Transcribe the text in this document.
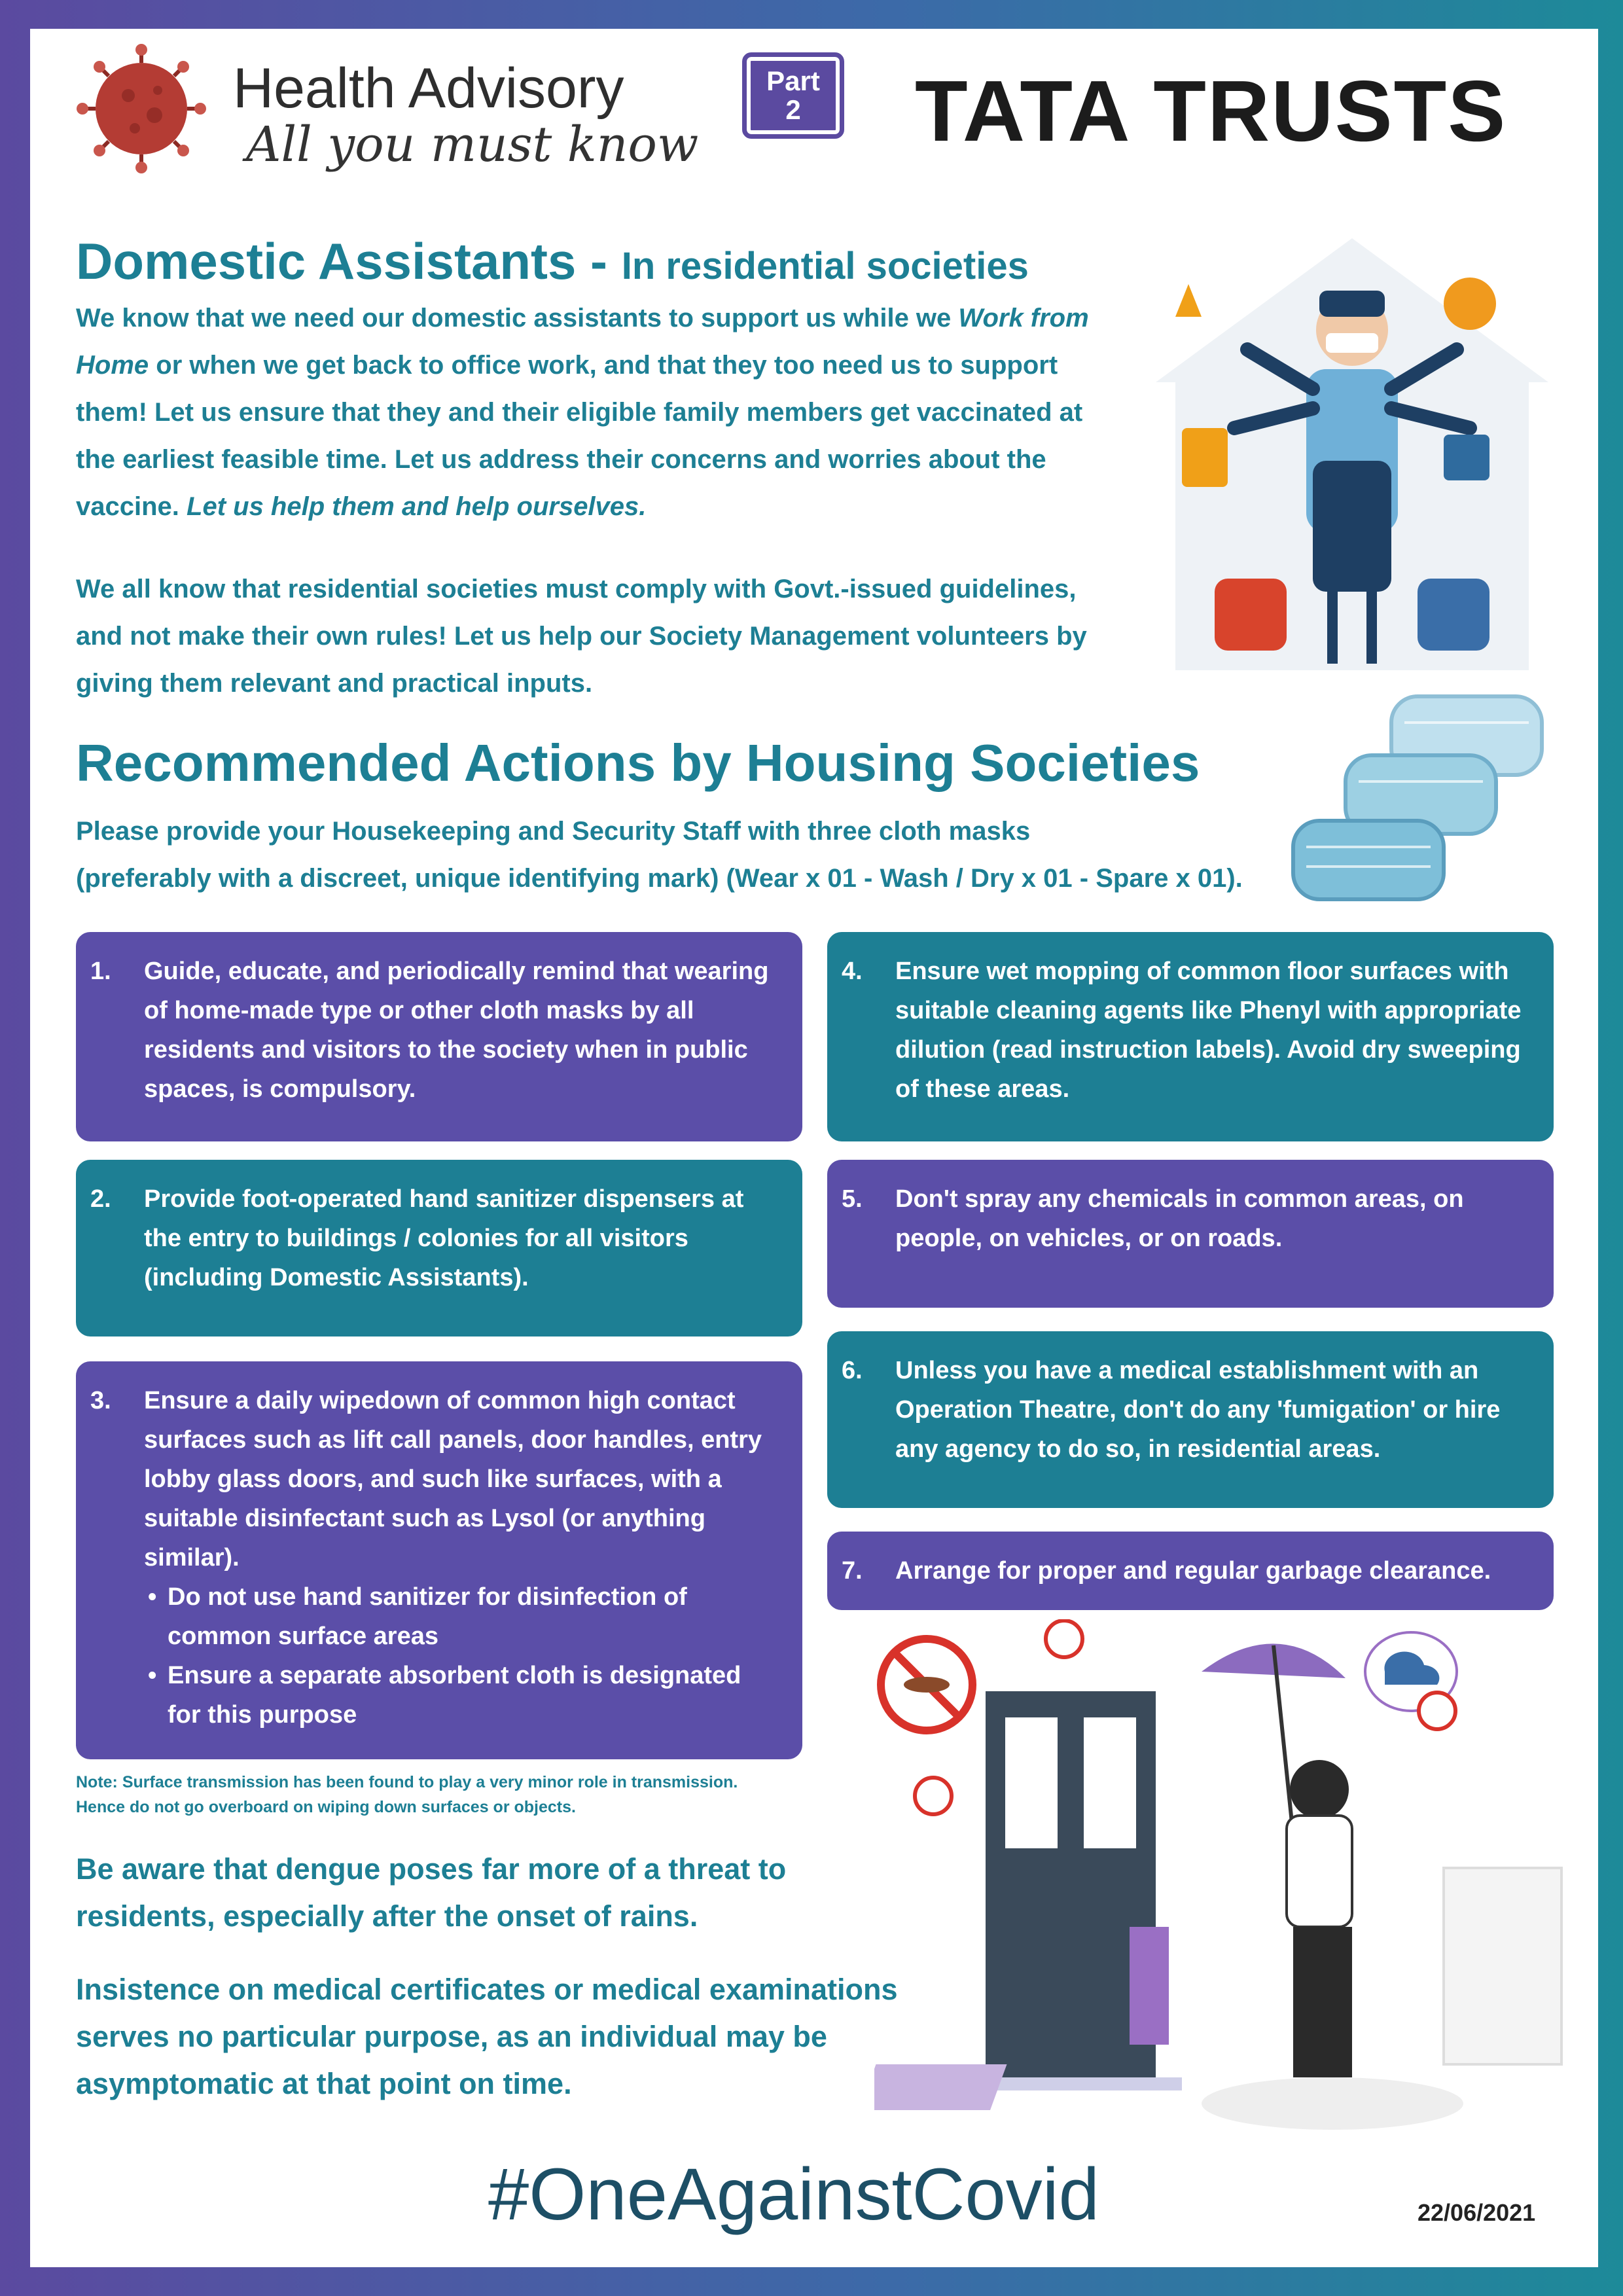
Health Advisory
All you must know
Part
2 TATA TRUSTS
Domestic Assistants - In residential societies
We know that we need our domestic assistants to support us while we Work from Home or when we get back to office work, and that they too need us to support them! Let us ensure that they and their eligible family members get vaccinated at the earliest feasible time. Let us address their concerns and worries about the vaccine. Let us help them and help ourselves.
We all know that residential societies must comply with Govt.-issued guidelines, and not make their own rules! Let us help our Society Management volunteers by giving them relevant and practical inputs.
Recommended Actions by Housing Societies
Please provide your Housekeeping and Security Staff with three cloth masks
(preferably with a discreet, unique identifying mark) (Wear x 01 - Wash / Dry x 01 - Spare x 01).
1. Guide, educate, and periodically remind that wearing of home-made type or other cloth masks by all residents and visitors to the society when in public spaces, is compulsory.
2. Provide foot-operated hand sanitizer dispensers at the entry to buildings / colonies for all visitors (including Domestic Assistants).
3. Ensure a daily wipedown of common high contact surfaces such as lift call panels, door handles, entry lobby glass doors, and such like surfaces, with a suitable disinfectant such as Lysol (or anything similar).
• Do not use hand sanitizer for disinfection of common surface areas
• Ensure a separate absorbent cloth is designated for this purpose
4. Ensure wet mopping of common floor surfaces with suitable cleaning agents like Phenyl with appropriate dilution (read instruction labels). Avoid dry sweeping of these areas.
5. Don't spray any chemicals in common areas, on people, on vehicles, or on roads.
6. Unless you have a medical establishment with an Operation Theatre, don't do any 'fumigation' or hire any agency to do so, in residential areas.
7. Arrange for proper and regular garbage clearance.
Note: Surface transmission has been found to play a very minor role in transmission.
Hence do not go overboard on wiping down surfaces or objects.
Be aware that dengue poses far more of a threat to residents, especially after the onset of rains.
Insistence on medical certificates or medical examinations serves no particular purpose, as an individual may be asymptomatic at that point on time.
#OneAgainstCovid	22/06/2021
